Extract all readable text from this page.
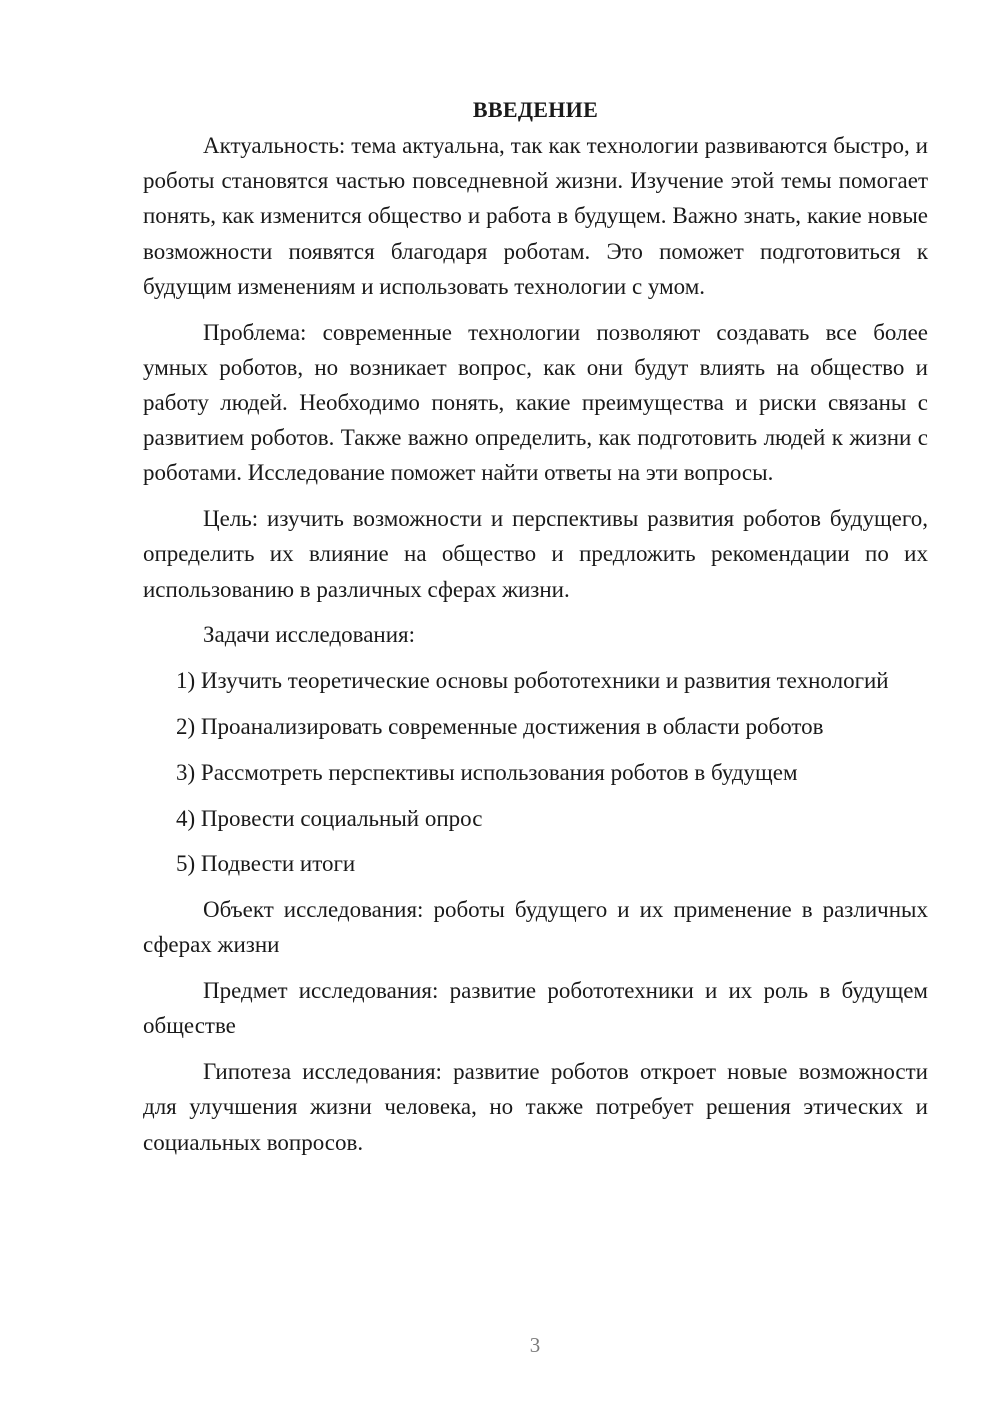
ВВЕДЕНИЕ

Актуальность: тема актуальна, так как технологии развиваются быстро, и роботы становятся частью повседневной жизни. Изучение этой темы помогает понять, как изменится общество и работа в будущем. Важно знать, какие новые возможности появятся благодаря роботам. Это поможет подготовиться к будущим изменениям и использовать технологии с умом.

Проблема: современные технологии позволяют создавать все более умных роботов, но возникает вопрос, как они будут влиять на общество и работу людей. Необходимо понять, какие преимущества и риски связаны с развитием роботов. Также важно определить, как подготовить людей к жизни с роботами. Исследование поможет найти ответы на эти вопросы.

Цель: изучить возможности и перспективы развития роботов будущего, определить их влияние на общество и предложить рекомендации по их использованию в различных сферах жизни.

Задачи исследования:

1) Изучить теоретические основы робототехники и развития технологий

2) Проанализировать современные достижения в области роботов

3) Рассмотреть перспективы использования роботов в будущем

4) Провести социальный опрос

5) Подвести итоги

Объект исследования: роботы будущего и их применение в различных сферах жизни

Предмет исследования: развитие робототехники и их роль в будущем обществе

Гипотеза исследования: развитие роботов откроет новые возможности для улучшения жизни человека, но также потребует решения этических и социальных вопросов.

3
